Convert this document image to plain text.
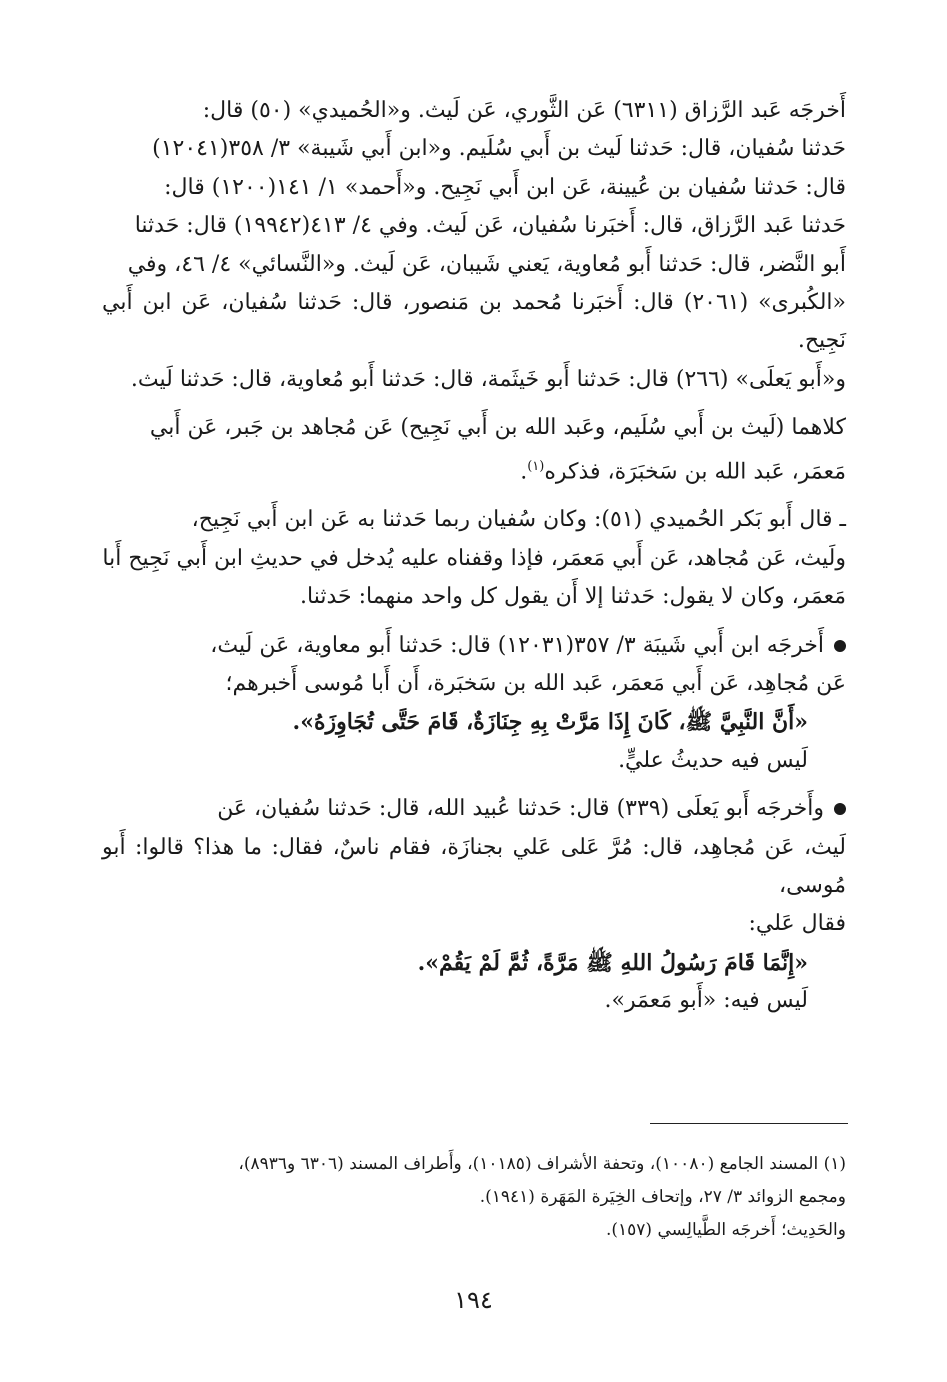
أَخرجَه عَبد الرَّزاق (٦٣١١) عَن الثَّوري، عَن لَيث. و«الحُميدي» (٥٠) قال:
حَدثنا سُفيان، قال: حَدثنا لَيث بن أَبي سُلَيم. و«ابن أَبي شَيبة» ٣/ ٣٥٨(١٢٠٤١)
قال: حَدثنا سُفيان بن عُيينة، عَن ابن أَبي نَجِيح. و«أَحمد» ١/ ١٤١(١٢٠٠) قال:
حَدثنا عَبد الرَّزاق، قال: أَخبَرنا سُفيان، عَن لَيث. وفي ٤/ ٤١٣(١٩٩٤٢) قال: حَدثنا
أَبو النَّضر، قال: حَدثنا أَبو مُعاوية، يَعني شَيبان، عَن لَيث. و«النَّسائي» ٤/ ٤٦، وفي
«الكُبرى» (٢٠٦١) قال: أَخبَرنا مُحمد بن مَنصور، قال: حَدثنا سُفيان، عَن ابن أَبي نَجِيح.
و«أَبو يَعلَى» (٢٦٦) قال: حَدثنا أَبو خَيثَمة، قال: حَدثنا أَبو مُعاوية، قال: حَدثنا لَيث.

كلاهما (لَيث بن أَبي سُلَيم، وعَبد الله بن أَبي نَجِيح) عَن مُجاهد بن جَبر، عَن أَبي
مَعمَر، عَبد الله بن سَخبَرَة، فذكره$^{(١)}$.

ـ قال أَبو بَكر الحُميدي (٥١): وكان سُفيان ربما حَدثنا به عَن ابن أَبي نَجِيح،
ولَيث، عَن مُجاهد، عَن أَبي مَعمَر، فإذا وقفناه عليه يُدخل في حديثِ ابن أَبي نَجِيح أَبا
مَعمَر، وكان لا يقول: حَدثنا إلا أَن يقول كل واحد منهما: حَدثنا.

أَخرجَه ابن أَبي شَيبَة ٣/ ٣٥٧(١٢٠٣١) قال: حَدثنا أَبو معاوية، عَن لَيث،
عَن مُجاهِد، عَن أَبي مَعمَر، عَبد الله بن سَخبَرة، أَن أَبا مُوسى أَخبرهم؛
«أَنَّ النَّبِيَّ ﷺ، كَانَ إِذَا مَرَّتْ بِهِ جِنَازَةٌ، قَامَ حَتَّى تُجَاوِزَهُ».
لَيس فيه حديثُ عليٍّ.
وأَخرجَه أَبو يَعلَى (٣٣٩) قال: حَدثنا عُبيد الله، قال: حَدثنا سُفيان، عَن
لَيث، عَن مُجاهِد، قال: مُرَّ عَلى عَلي بجنازَة، فقام ناسٌ، فقال: ما هذا؟ قالوا: أَبو مُوسى،
فقال عَلي:
«إِنَّمَا قَامَ رَسُولُ اللهِ ﷺ مَرَّةً، ثُمَّ لَمْ يَقُمْ».
لَيس فيه: «أَبو مَعمَر».
(١) المسند الجامع (١٠٠٨٠)، وتحفة الأشراف (١٠١٨٥)، وأَطراف المسند (٦٣٠٦ و٨٩٣٦)،
ومجمع الزوائد ٣/ ٢٧، وإتحاف الخِيَرة المَهَرة (١٩٤١).
والحَدِيث؛ أَخرجَه الطَّيالِسي (١٥٧).
١٩٤
